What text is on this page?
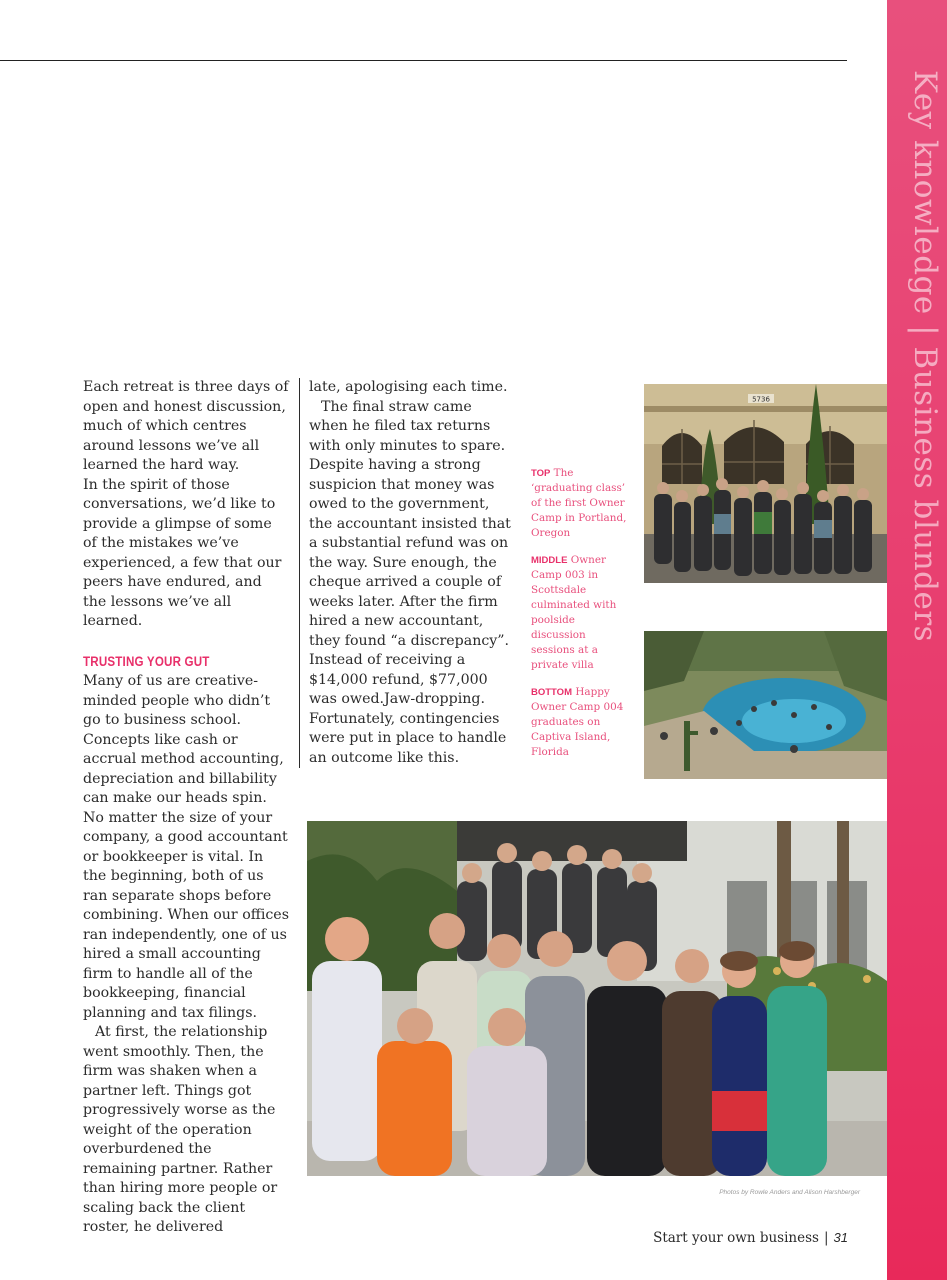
Key knowledge | Business blunders

Each retreat is three days of open and honest discussion, much of which centres around lessons we’ve all learned the hard way.

In the spirit of those conversations, we’d like to provide a glimpse of some of the mistakes we’ve experienced, a few that our peers have endured, and the lessons we’ve all learned.

TRUSTING YOUR GUT

Many of us are creative-minded people who didn’t go to business school. Concepts like cash or accrual method accounting, depreciation and billability can make our heads spin. No matter the size of your company, a good accountant or bookkeeper is vital. In the beginning, both of us ran separate shops before combining. When our offices ran independently, one of us hired a small accounting firm to handle all of the bookkeeping, financial planning and tax filings.

At first, the relationship went smoothly. Then, the firm was shaken when a partner left. Things got progressively worse as the weight of the operation overburdened the remaining partner. Rather than hiring more people or scaling back the client roster, he delivered

late, apologising each time.

The final straw came when he filed tax returns with only minutes to spare. Despite having a strong suspicion that money was owed to the government, the accountant insisted that a substantial refund was on the way. Sure enough, the cheque arrived a couple of weeks later. After the firm hired a new accountant, they found “a discrepancy”. Instead of receiving a $14,000 refund, $77,000 was owed.Jaw-dropping. Fortunately, contingencies were put in place to handle an outcome like this.

TOP The ‘graduating class’ of the first Owner Camp in Portland, Oregon
MIDDLE Owner Camp 003 in Scottsdale culminated with poolside discussion sessions at a private villa
BOTTOM Happy Owner Camp 004 graduates on Captiva Island, Florida
5736
Photos by Rowle Anders and Alison Harshberger
Start your own business | 31
